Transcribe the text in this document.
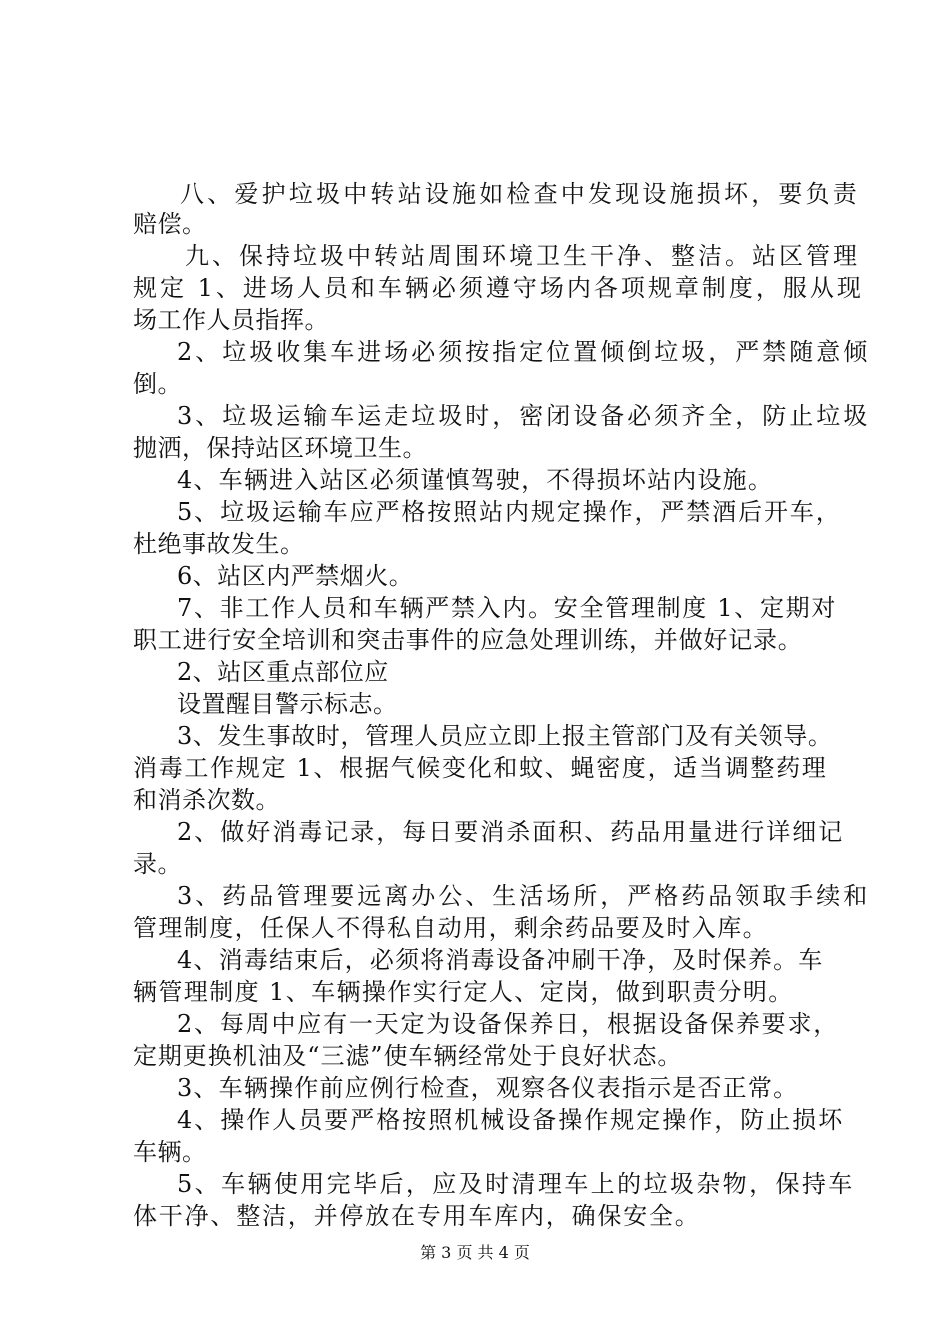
八、爱护垃圾中转站设施如检查中发现设施损坏，要负责
赔偿。
九、保持垃圾中转站周围环境卫生干净、整洁。站区管理
规定 1、进场人员和车辆必须遵守场内各项规章制度，服从现
场工作人员指挥。
2、垃圾收集车进场必须按指定位置倾倒垃圾，严禁随意倾
倒。
3、垃圾运输车运走垃圾时，密闭设备必须齐全，防止垃圾
抛洒，保持站区环境卫生。
4、车辆进入站区必须谨慎驾驶，不得损坏站内设施。
5、垃圾运输车应严格按照站内规定操作，严禁酒后开车，
杜绝事故发生。
6、站区内严禁烟火。
7、非工作人员和车辆严禁入内。安全管理制度 1、定期对
职工进行安全培训和突击事件的应急处理训练，并做好记录。
2、站区重点部位应
设置醒目警示标志。
3、发生事故时，管理人员应立即上报主管部门及有关领导。
消毒工作规定 1、根据气候变化和蚊、蝇密度，适当调整药理
和消杀次数。
2、做好消毒记录，每日要消杀面积、药品用量进行详细记
录。
3、药品管理要远离办公、生活场所，严格药品领取手续和
管理制度，任保人不得私自动用，剩余药品要及时入库。
4、消毒结束后，必须将消毒设备冲刷干净，及时保养。车
辆管理制度 1、车辆操作实行定人、定岗，做到职责分明。
2、每周中应有一天定为设备保养日，根据设备保养要求，
定期更换机油及“三滤”使车辆经常处于良好状态。
3、车辆操作前应例行检查，观察各仪表指示是否正常。
4、操作人员要严格按照机械设备操作规定操作，防止损坏
车辆。
5、车辆使用完毕后，应及时清理车上的垃圾杂物，保持车
体干净、整洁，并停放在专用车库内，确保安全。
第 3 页 共 4 页
